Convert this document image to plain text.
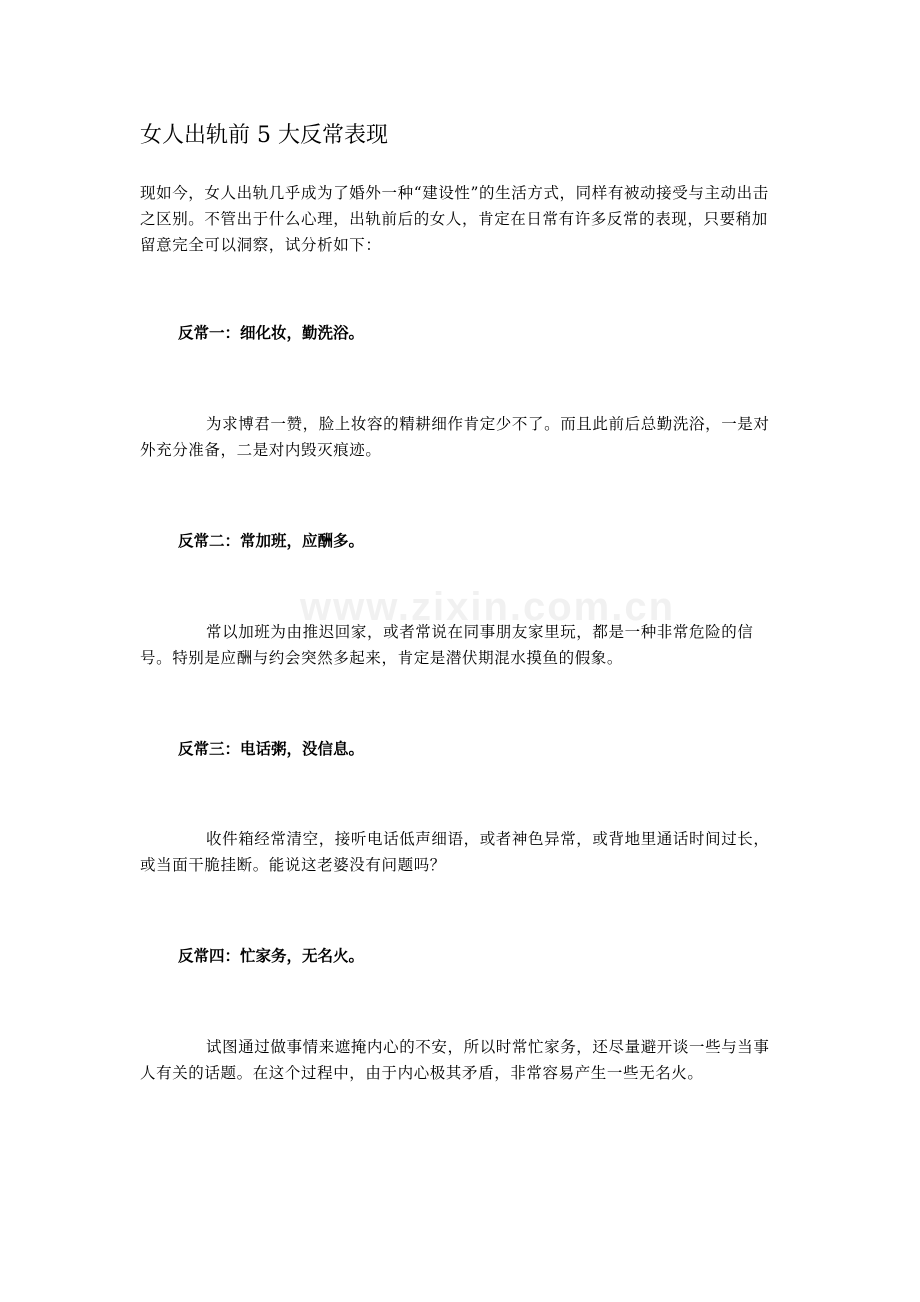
www.zixin.com.cn
女人出轨前 5 大反常表现

现如今，女人出轨几乎成为了婚外一种“建设性”的生活方式，同样有被动接受与主动出击之区别。不管出于什么心理，出轨前后的女人，肯定在日常有许多反常的表现，只要稍加留意完全可以洞察，试分析如下：

反常一：细化妆，勤洗浴。

为求博君一赞，脸上妆容的精耕细作肯定少不了。而且此前后总勤洗浴，一是对外充分准备，二是对内毁灭痕迹。

反常二：常加班，应酬多。

常以加班为由推迟回家，或者常说在同事朋友家里玩，都是一种非常危险的信号。特别是应酬与约会突然多起来，肯定是潜伏期混水摸鱼的假象。

反常三：电话粥，没信息。

收件箱经常清空，接听电话低声细语，或者神色异常，或背地里通话时间过长，或当面干脆挂断。能说这老婆没有问题吗？

反常四：忙家务，无名火。

试图通过做事情来遮掩内心的不安，所以时常忙家务，还尽量避开谈一些与当事人有关的话题。在这个过程中，由于内心极其矛盾，非常容易产生一些无名火。
